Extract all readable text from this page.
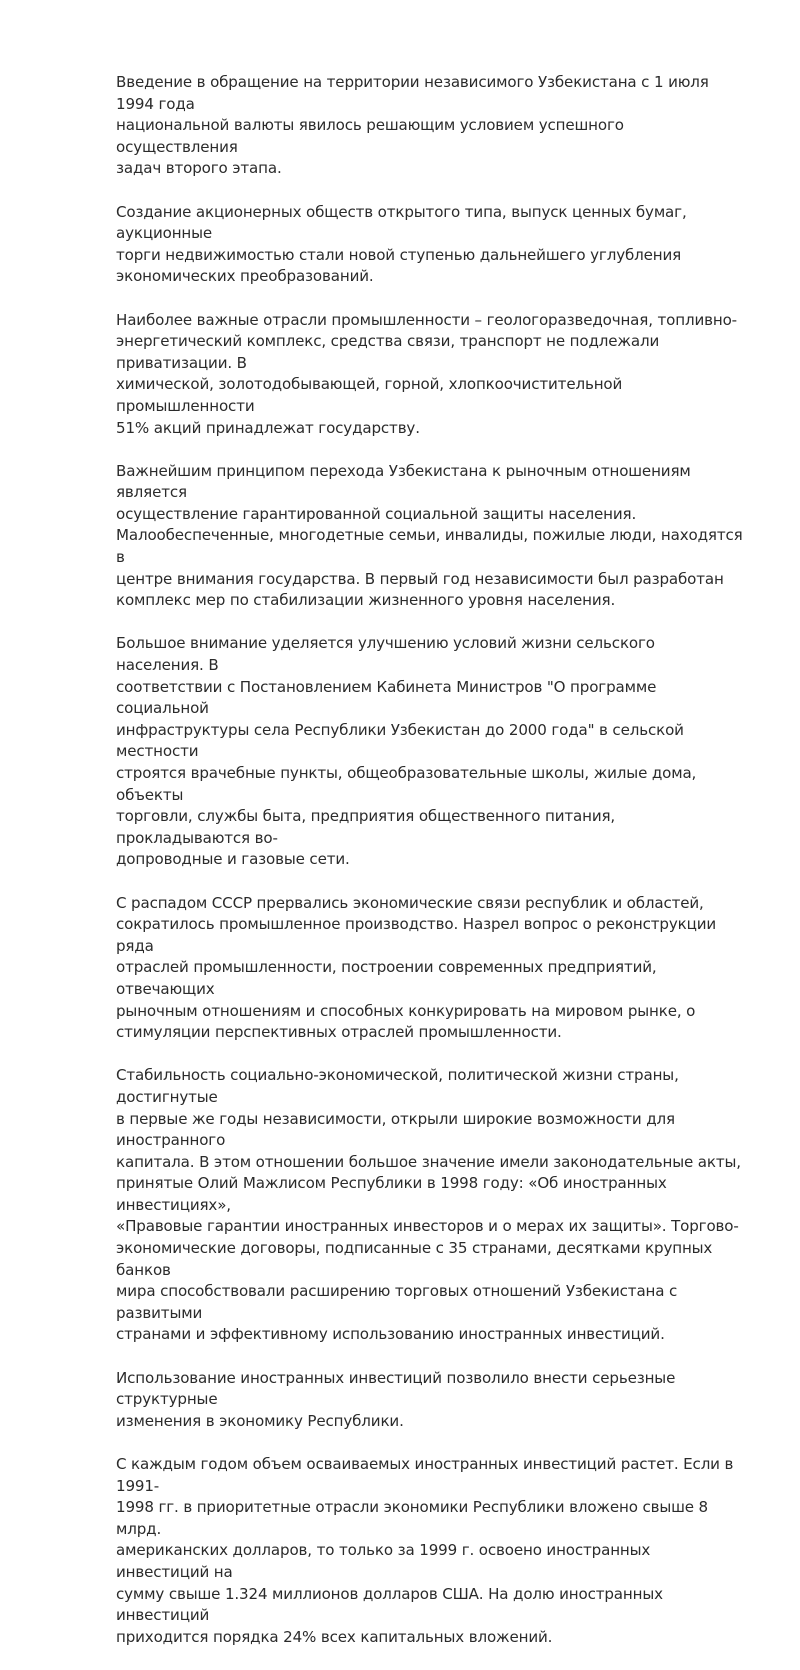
Введение в обращение на территории независимого Узбекистана с 1 июля 1994 года
национальной валюты явилось решающим условием успешного осуществления
задач второго этапа.

Создание акционерных обществ открытого типа, выпуск ценных бумаг, аукционные
торги недвижимостью стали новой ступенью дальнейшего углубления
экономических преобразований.

Наиболее важные отрасли промышленности – геологоразведочная, топливно-
энергетический комплекс, средства связи, транспорт не подлежали приватизации. В
химической, золотодобывающей, горной, хлопкоочистительной промышленности
51% акций принадлежат государству.

Важнейшим принципом перехода Узбекистана к рыночным отношениям является
осуществление гарантированной социальной защиты населения.
Малообеспеченные, многодетные семьи, инвалиды, пожилые люди, находятся в
центре внимания государства. В первый год независимости был разработан
комплекс мер по стабилизации жизненного уровня населения.

Большое внимание уделяется улучшению условий жизни сельского населения. В
соответствии с Постановлением Кабинета Министров "О программе социальной
инфраструктуры села Республики Узбекистан до 2000 года" в сельской местности
строятся врачебные пункты, общеобразовательные школы, жилые дома, объекты
торговли, службы быта, предприятия общественного питания, прокладываются во-
допроводные и газовые сети.

С распадом СССР прервались экономические связи республик и областей,
сократилось промышленное производство. Назрел вопрос о реконструкции ряда
отраслей промышленности, построении современных предприятий, отвечающих
рыночным отношениям и способных конкурировать на мировом рынке, о
стимуляции перспективных отраслей промышленности.

Стабильность социально-экономической, политической жизни страны, достигнутые
в первые же годы независимости, открыли широкие возможности для иностранного
капитала. В этом отношении большое значение имели законодательные акты,
принятые Олий Мажлисом Республики в 1998 году: «Об иностранных инвестициях»,
«Правовые гарантии иностранных инвесторов и о мерах их защиты». Торгово-
экономические договоры, подписанные с 35 странами, десятками крупных банков
мира способствовали расширению торговых отношений Узбекистана с развитыми
странами и эффективному использованию иностранных инвестиций.

Использование иностранных инвестиций позволило внести серьезные структурные
изменения в экономику Республики.

С каждым годом объем осваиваемых иностранных инвестиций растет. Если в 1991-
1998 гг. в приоритетные отрасли экономики Республики вложено свыше 8 млрд.
американских долларов, то только за 1999 г. освоено иностранных инвестиций на
сумму свыше 1.324 миллионов долларов США. На долю иностранных инвестиций
приходится порядка 24% всех капитальных вложений.
